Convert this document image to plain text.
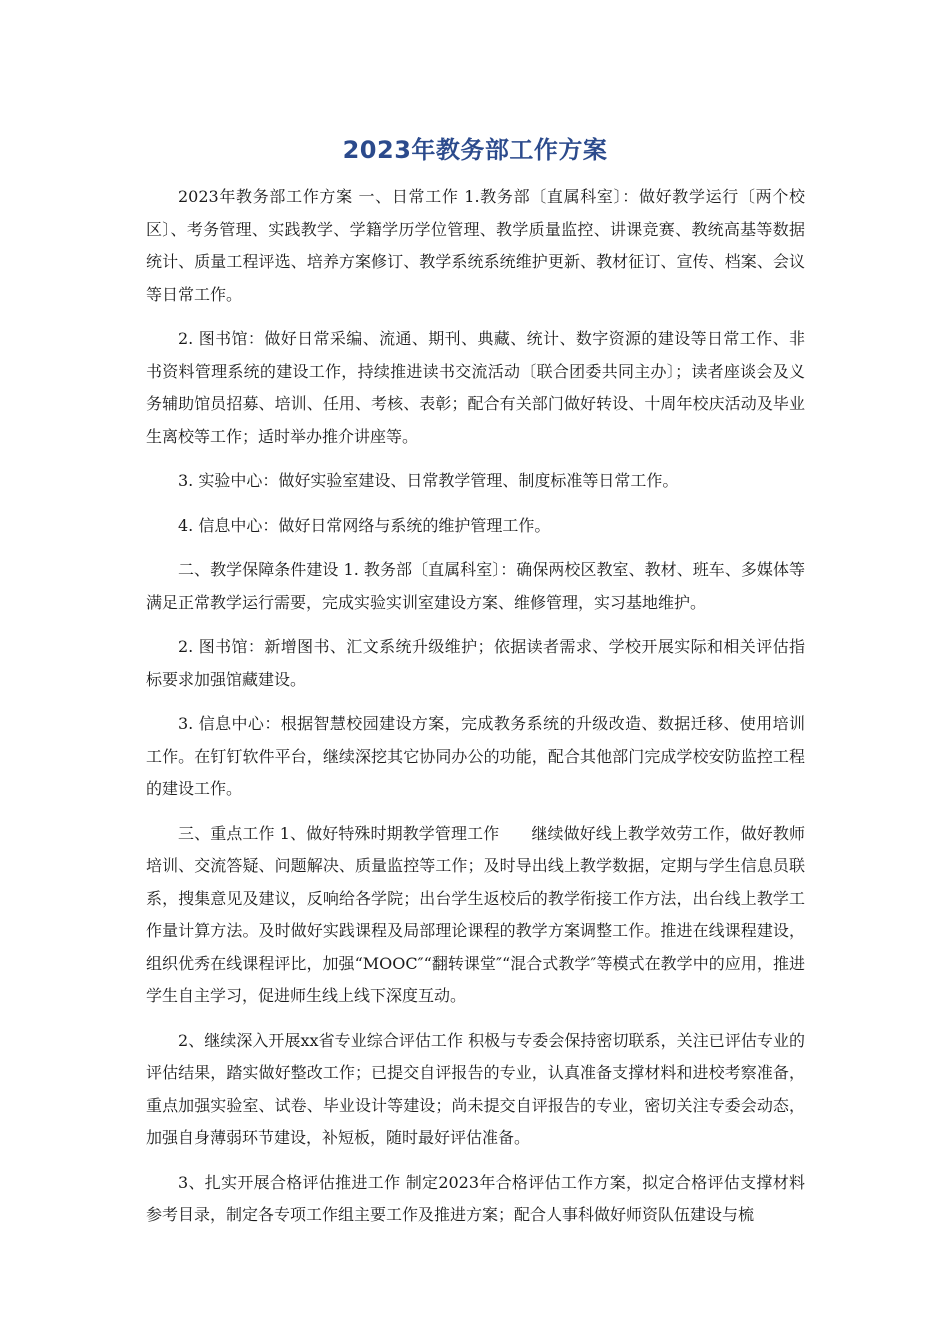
2023年教务部工作方案

2023年教务部工作方案 一、日常工作 1.教务部〔直属科室〕：做好教学运行〔两个校区〕、考务管理、实践教学、学籍学历学位管理、教学质量监控、讲课竞赛、教统高基等数据统计、质量工程评选、培养方案修订、教学系统系统维护更新、教材征订、宣传、档案、会议等日常工作。

2. 图书馆：做好日常采编、流通、期刊、典藏、统计、数字资源的建设等日常工作、非书资料管理系统的建设工作，持续推进读书交流活动〔联合团委共同主办〕；读者座谈会及义务辅助馆员招募、培训、任用、考核、表彰；配合有关部门做好转设、十周年校庆活动及毕业生离校等工作；适时举办推介讲座等。

3. 实验中心：做好实验室建设、日常教学管理、制度标准等日常工作。

4. 信息中心：做好日常网络与系统的维护管理工作。

二、教学保障条件建设 1. 教务部〔直属科室〕：确保两校区教室、教材、班车、多媒体等满足正常教学运行需要，完成实验实训室建设方案、维修管理，实习基地维护。

2. 图书馆：新增图书、汇文系统升级维护；依据读者需求、学校开展实际和相关评估指标要求加强馆藏建设。

3. 信息中心：根据智慧校园建设方案，完成教务系统的升级改造、数据迁移、使用培训工作。在钉钉软件平台，继续深挖其它协同办公的功能，配合其他部门完成学校安防监控工程的建设工作。

三、重点工作 1、做好特殊时期教学管理工作　　继续做好线上教学效劳工作，做好教师培训、交流答疑、问题解决、质量监控等工作；及时导出线上教学数据，定期与学生信息员联系，搜集意见及建议，反响给各学院；出台学生返校后的教学衔接工作方法，出台线上教学工作量计算方法。及时做好实践课程及局部理论课程的教学方案调整工作。推进在线课程建设，组织优秀在线课程评比，加强“MOOC″“翻转课堂″“混合式教学″等模式在教学中的应用，推进学生自主学习，促进师生线上线下深度互动。

2、继续深入开展xx省专业综合评估工作 积极与专委会保持密切联系，关注已评估专业的评估结果，踏实做好整改工作；已提交自评报告的专业，认真准备支撑材料和进校考察准备，重点加强实验室、试卷、毕业设计等建设；尚未提交自评报告的专业，密切关注专委会动态，加强自身薄弱环节建设，补短板，随时最好评估准备。

3、扎实开展合格评估推进工作 制定2023年合格评估工作方案，拟定合格评估支撑材料参考目录，制定各专项工作组主要工作及推进方案；配合人事科做好师资队伍建设与梳
